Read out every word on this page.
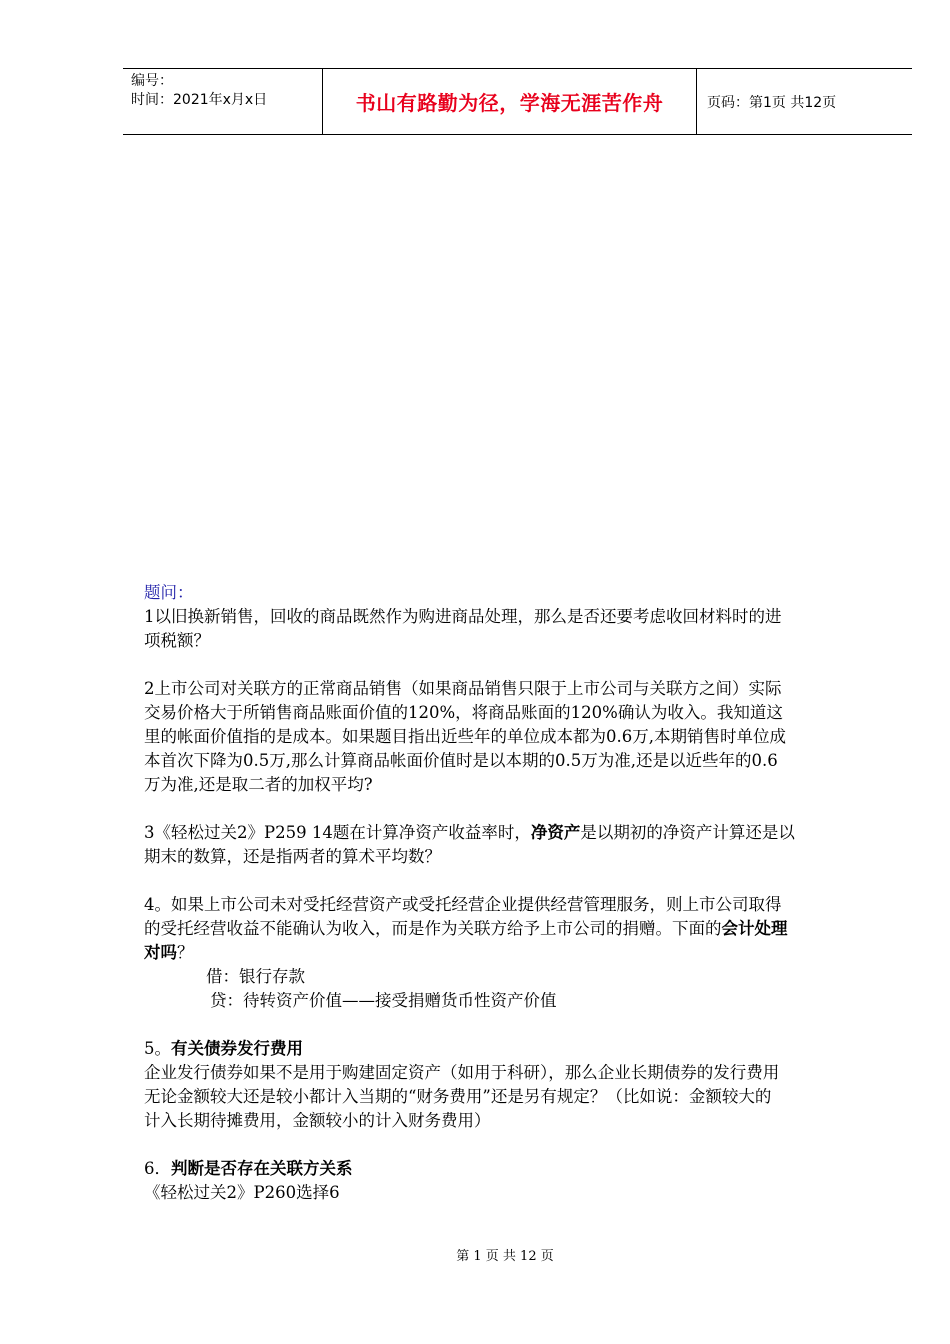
编号：
时间：2021年x月x日	书山有路勤为径，学海无涯苦作舟	页码：第1页 共12页

题问：

1以旧换新销售，回收的商品既然作为购进商品处理，那么是否还要考虑收回材料时的进

项税额？

2上市公司对关联方的正常商品销售（如果商品销售只限于上市公司与关联方之间）实际

交易价格大于所销售商品账面价值的120%，将商品账面的120%确认为收入。我知道这

里的帐面价值指的是成本。如果题目指出近些年的单位成本都为0.6万,本期销售时单位成

本首次下降为0.5万,那么计算商品帐面价值时是以本期的0.5万为准,还是以近些年的0.6

万为准,还是取二者的加权平均?

3《轻松过关2》P259 14题在计算净资产收益率时，净资产是以期初的净资产计算还是以

期末的数算，还是指两者的算术平均数？

4。如果上市公司未对受托经营资产或受托经营企业提供经营管理服务，则上市公司取得

的受托经营收益不能确认为收入，而是作为关联方给予上市公司的捐赠。下面的会计处理

对吗？

借：银行存款

贷：待转资产价值——接受捐赠货币性资产价值

5。有关债券发行费用

企业发行债券如果不是用于购建固定资产（如用于科研），那么企业长期债券的发行费用

无论金额较大还是较小都计入当期的“财务费用”还是另有规定？（比如说：金额较大的

计入长期待摊费用，金额较小的计入财务费用）

6．判断是否存在关联方关系

《轻松过关2》P260选择6

第 1 页 共 12 页
